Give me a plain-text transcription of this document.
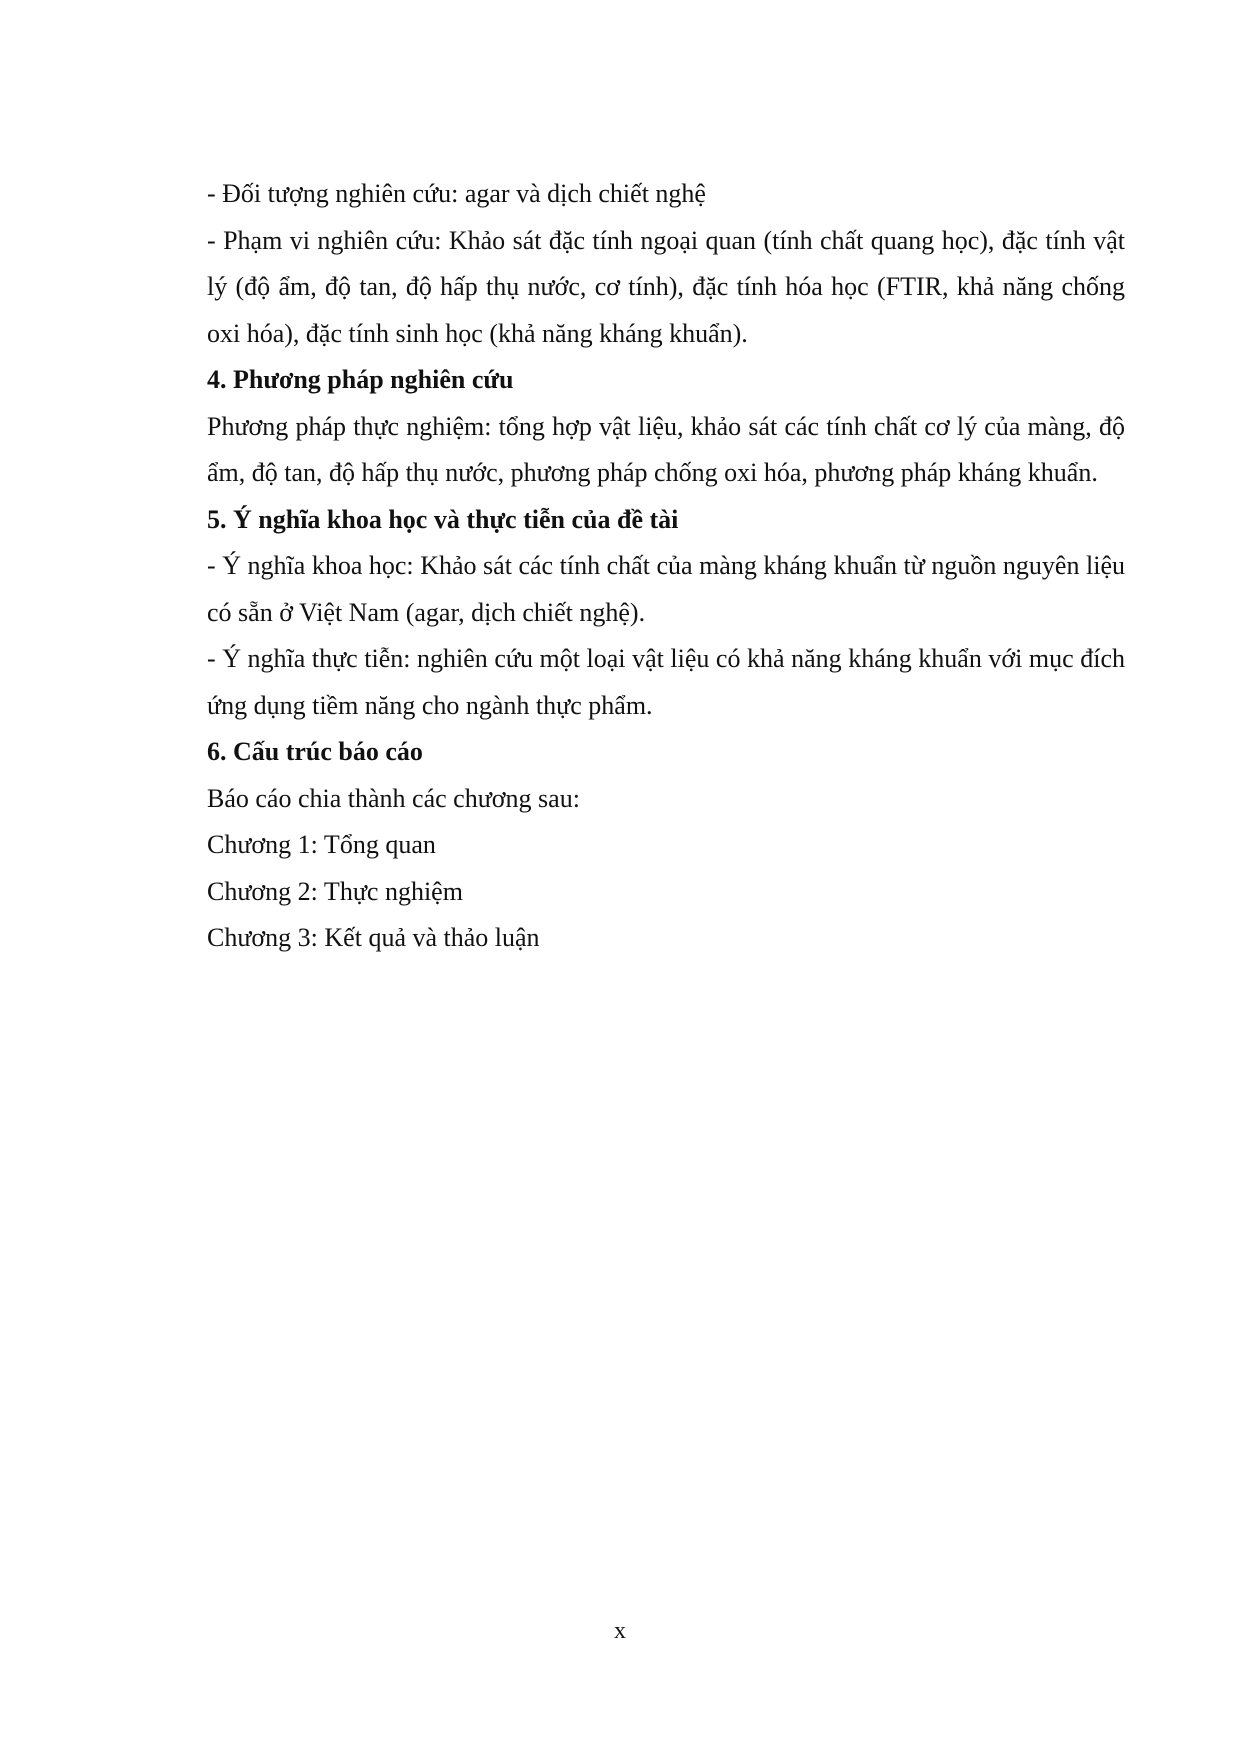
- Đối tượng nghiên cứu: agar và dịch chiết nghệ

- Phạm vi nghiên cứu: Khảo sát đặc tính ngoại quan (tính chất quang học), đặc tính vật lý (độ ẩm, độ tan, độ hấp thụ nước, cơ tính), đặc tính hóa học (FTIR, khả năng chống oxi hóa), đặc tính sinh học (khả năng kháng khuẩn).

4. Phương pháp nghiên cứu

Phương pháp thực nghiệm: tổng hợp vật liệu, khảo sát các tính chất cơ lý của màng, độ ẩm, độ tan, độ hấp thụ nước, phương pháp chống oxi hóa, phương pháp kháng khuẩn.

5. Ý nghĩa khoa học và thực tiễn của đề tài

- Ý nghĩa khoa học: Khảo sát các tính chất của màng kháng khuẩn từ nguồn nguyên liệu có sẵn ở Việt Nam (agar, dịch chiết nghệ).

- Ý nghĩa thực tiễn: nghiên cứu một loại vật liệu có khả năng kháng khuẩn với mục đích ứng dụng tiềm năng cho ngành thực phẩm.

6. Cấu trúc báo cáo

Báo cáo chia thành các chương sau:

Chương 1: Tổng quan

Chương 2: Thực nghiệm

Chương 3: Kết quả và thảo luận

x
